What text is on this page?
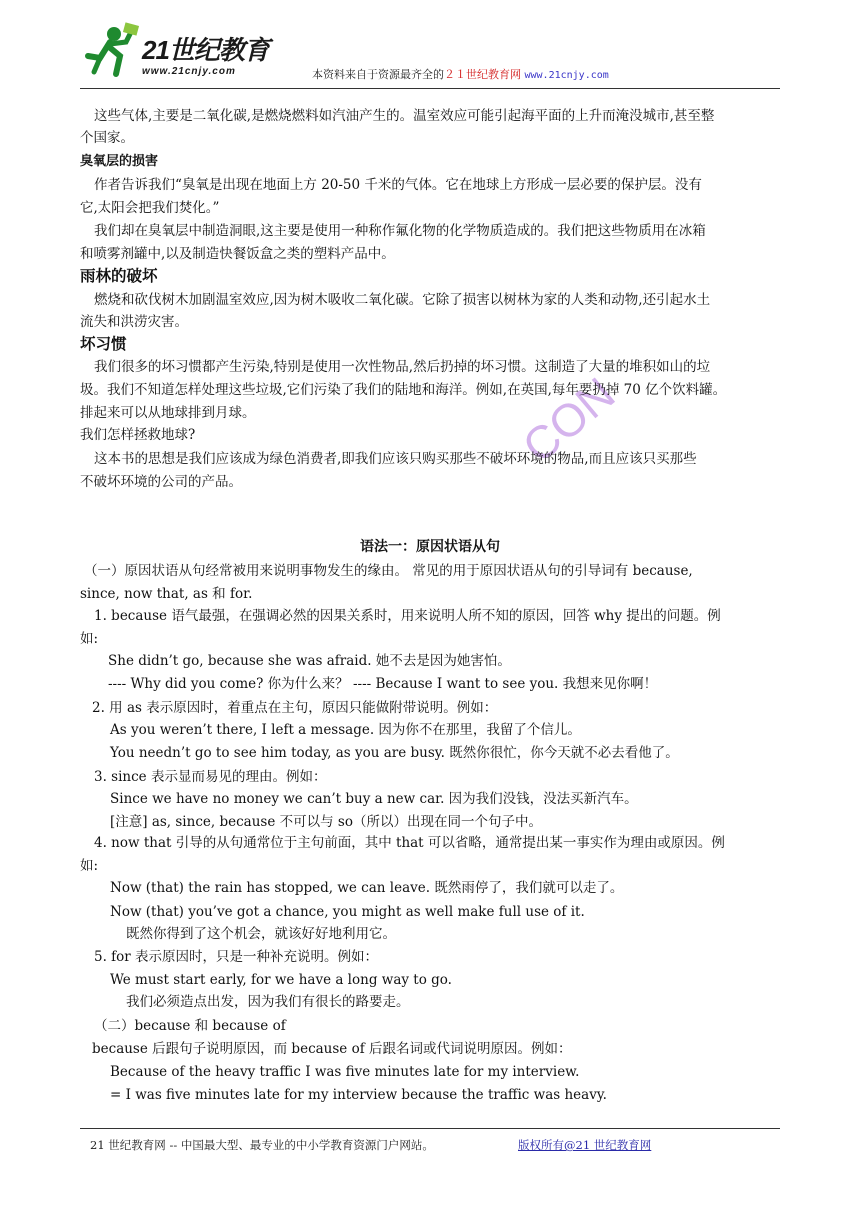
21世纪教育
www.21cnjy.com	本资料来自于资源最齐全的２１世纪教育网 www.21cnjy.com
CON
这些气体,主要是二氧化碳,是燃烧燃料如汽油产生的。温室效应可能引起海平面的上升而淹没城市,甚至整
个国家。
臭氧层的损害
作者告诉我们“臭氧是出现在地面上方 20-50 千米的气体。它在地球上方形成一层必要的保护层。没有
它,太阳会把我们焚化。”
我们却在臭氧层中制造洞眼,这主要是使用一种称作氟化物的化学物质造成的。我们把这些物质用在冰箱
和喷雾剂罐中,以及制造快餐饭盒之类的塑料产品中。
雨林的破坏
燃烧和砍伐树木加剧温室效应,因为树木吸收二氧化碳。它除了损害以树林为家的人类和动物,还引起水土
流失和洪涝灾害。
坏习惯
我们很多的坏习惯都产生污染,特别是使用一次性物品,然后扔掉的坏习惯。这制造了大量的堆积如山的垃
圾。我们不知道怎样处理这些垃圾,它们污染了我们的陆地和海洋。例如,在英国,每年要扔掉 70 亿个饮料罐。
排起来可以从地球排到月球。
我们怎样拯救地球?
这本书的思想是我们应该成为绿色消费者,即我们应该只购买那些不破坏环境的物品,而且应该只买那些
不破坏环境的公司的产品。
语法一：原因状语从句
（一）原因状语从句经常被用来说明事物发生的缘由。 常见的用于原因状语从句的引导词有 because,
since, now that, as 和 for.
1. because 语气最强，在强调必然的因果关系时，用来说明人所不知的原因，回答 why 提出的问题。例
如:
She didn’t go, because she was afraid. 她不去是因为她害怕。
---- Why did you come? 你为什么来？ ---- Because I want to see you. 我想来见你啊！
2. 用 as 表示原因时，着重点在主句，原因只能做附带说明。例如：
As you weren’t there, I left a message. 因为你不在那里，我留了个信儿。
You needn’t go to see him today, as you are busy. 既然你很忙，你今天就不必去看他了。
3. since 表示显而易见的理由。例如：
Since we have no money we can’t buy a new car. 因为我们没钱，没法买新汽车。
[注意] as, since, because 不可以与 so（所以）出现在同一个句子中。
4. now that 引导的从句通常位于主句前面，其中 that 可以省略，通常提出某一事实作为理由或原因。例
如:
Now (that) the rain has stopped, we can leave. 既然雨停了，我们就可以走了。
Now (that) you’ve got a chance, you might as well make full use of it.
既然你得到了这个机会，就该好好地利用它。
5. for 表示原因时，只是一种补充说明。例如：
We must start early, for we have a long way to go.
我们必须造点出发，因为我们有很长的路要走。
（二）because 和 because of
because 后跟句子说明原因，而 because of 后跟名词或代词说明原因。例如：
Because of the heavy traffic I was five minutes late for my interview.
= I was five minutes late for my interview because the traffic was heavy.
21 世纪教育网 -- 中国最大型、最专业的中小学教育资源门户网站。	版权所有@21 世纪教育网
